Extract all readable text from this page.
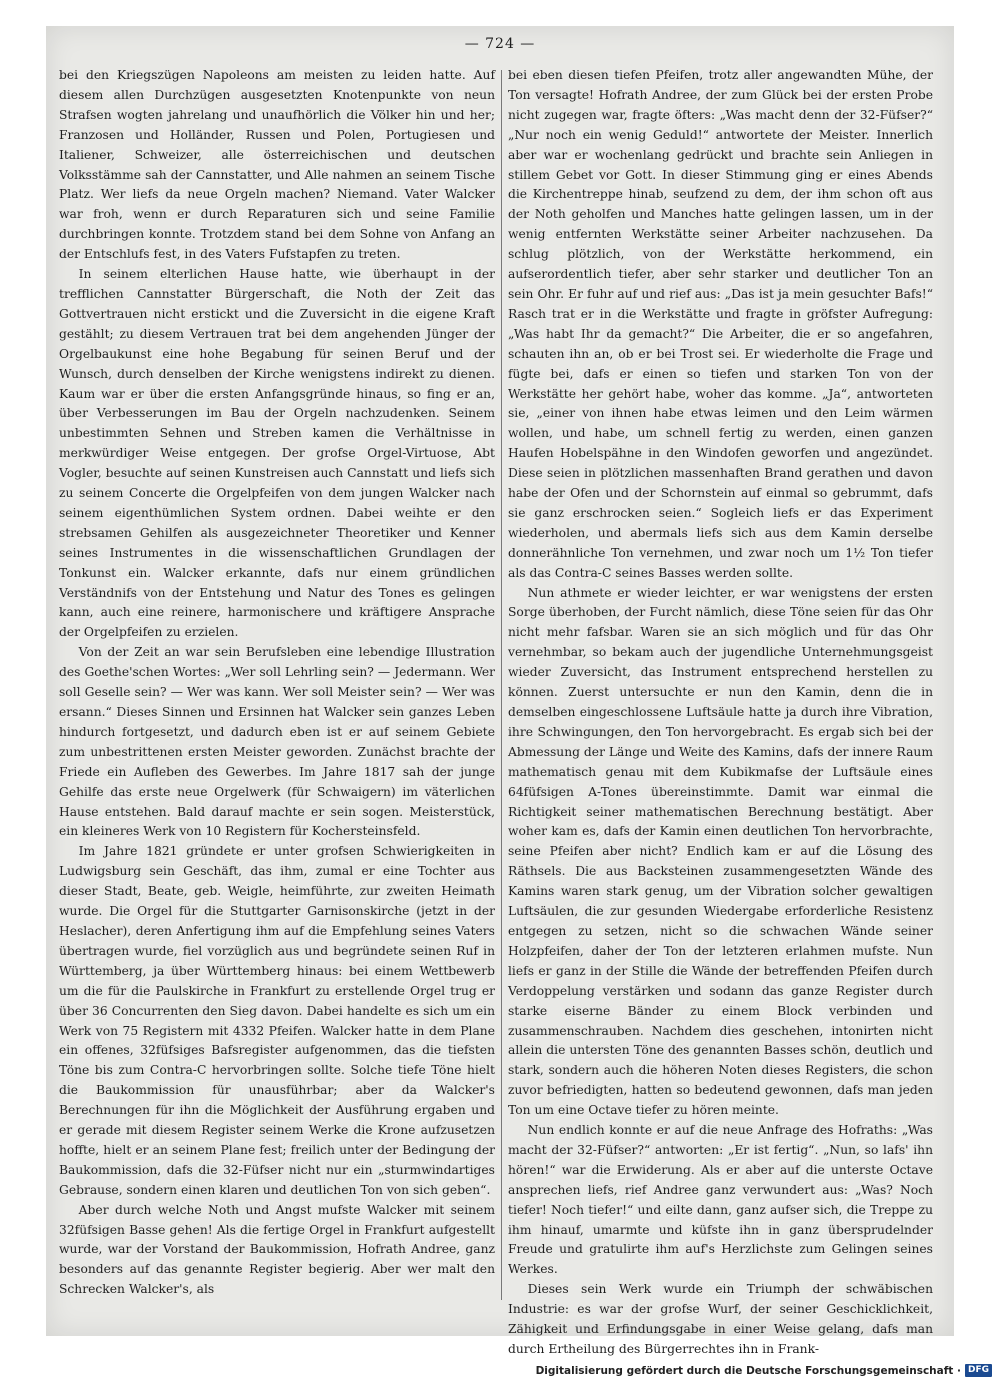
— 724 —

bei den Kriegszügen Napoleons am meisten zu leiden hatte. Auf diesem allen Durchzügen ausgesetzten Knotenpunkte von neun Strafsen wogten jahrelang und unaufhörlich die Völker hin und her; Franzosen und Holländer, Russen und Polen, Portugiesen und Italiener, Schweizer, alle österreichischen und deutschen Volksstämme sah der Cannstatter, und Alle nahmen an seinem Tische Platz. Wer liefs da neue Orgeln machen? Niemand. Vater Walcker war froh, wenn er durch Reparaturen sich und seine Familie durchbringen konnte. Trotzdem stand bei dem Sohne von Anfang an der Entschlufs fest, in des Vaters Fufstapfen zu treten.

In seinem elterlichen Hause hatte, wie überhaupt in der trefflichen Cannstatter Bürgerschaft, die Noth der Zeit das Gottvertrauen nicht erstickt und die Zuversicht in die eigene Kraft gestählt; zu diesem Vertrauen trat bei dem angehenden Jünger der Orgelbaukunst eine hohe Begabung für seinen Beruf und der Wunsch, durch denselben der Kirche wenigstens indirekt zu dienen. Kaum war er über die ersten Anfangsgründe hinaus, so fing er an, über Verbesserungen im Bau der Orgeln nachzudenken. Seinem unbestimmten Sehnen und Streben kamen die Verhältnisse in merkwürdiger Weise entgegen. Der grofse Orgel-Virtuose, Abt Vogler, besuchte auf seinen Kunstreisen auch Cannstatt und liefs sich zu seinem Concerte die Orgelpfeifen von dem jungen Walcker nach seinem eigenthümlichen System ordnen. Dabei weihte er den strebsamen Gehilfen als ausgezeichneter Theoretiker und Kenner seines Instrumentes in die wissenschaftlichen Grundlagen der Tonkunst ein. Walcker erkannte, dafs nur einem gründlichen Verständnifs von der Entstehung und Natur des Tones es gelingen kann, auch eine reinere, harmonischere und kräftigere Ansprache der Orgelpfeifen zu erzielen.

Von der Zeit an war sein Berufsleben eine lebendige Illustration des Goethe'schen Wortes: „Wer soll Lehrling sein? — Jedermann. Wer soll Geselle sein? — Wer was kann. Wer soll Meister sein? — Wer was ersann.“ Dieses Sinnen und Ersinnen hat Walcker sein ganzes Leben hindurch fortgesetzt, und dadurch eben ist er auf seinem Gebiete zum unbestrittenen ersten Meister geworden. Zunächst brachte der Friede ein Aufleben des Gewerbes. Im Jahre 1817 sah der junge Gehilfe das erste neue Orgelwerk (für Schwaigern) im väterlichen Hause entstehen. Bald darauf machte er sein sogen. Meisterstück, ein kleineres Werk von 10 Registern für Kochersteinsfeld.

Im Jahre 1821 gründete er unter grofsen Schwierigkeiten in Ludwigsburg sein Geschäft, das ihm, zumal er eine Tochter aus dieser Stadt, Beate, geb. Weigle, heimführte, zur zweiten Heimath wurde. Die Orgel für die Stuttgarter Garnisonskirche (jetzt in der Heslacher), deren Anfertigung ihm auf die Empfehlung seines Vaters übertragen wurde, fiel vorzüglich aus und begründete seinen Ruf in Württemberg, ja über Württemberg hinaus: bei einem Wettbewerb um die für die Paulskirche in Frankfurt zu erstellende Orgel trug er über 36 Concurrenten den Sieg davon. Dabei handelte es sich um ein Werk von 75 Registern mit 4332 Pfeifen. Walcker hatte in dem Plane ein offenes, 32füfsiges Bafsregister aufgenommen, das die tiefsten Töne bis zum Contra-C hervorbringen sollte. Solche tiefe Töne hielt die Baukommission für unausführbar; aber da Walcker's Berechnungen für ihn die Möglichkeit der Ausführung ergaben und er gerade mit diesem Register seinem Werke die Krone aufzusetzen hoffte, hielt er an seinem Plane fest; freilich unter der Bedingung der Baukommission, dafs die 32-Füfser nicht nur ein „sturmwindartiges Gebrause, sondern einen klaren und deutlichen Ton von sich geben“.

Aber durch welche Noth und Angst mufste Walcker mit seinem 32füfsigen Basse gehen! Als die fertige Orgel in Frankfurt aufgestellt wurde, war der Vorstand der Baukommission, Hofrath Andree, ganz besonders auf das genannte Register begierig. Aber wer malt den Schrecken Walcker's, als

bei eben diesen tiefen Pfeifen, trotz aller angewandten Mühe, der Ton versagte! Hofrath Andree, der zum Glück bei der ersten Probe nicht zugegen war, fragte öfters: „Was macht denn der 32-Füfser?“ „Nur noch ein wenig Geduld!“ antwortete der Meister. Innerlich aber war er wochenlang gedrückt und brachte sein Anliegen in stillem Gebet vor Gott. In dieser Stimmung ging er eines Abends die Kirchentreppe hinab, seufzend zu dem, der ihm schon oft aus der Noth geholfen und Manches hatte gelingen lassen, um in der wenig entfernten Werkstätte seiner Arbeiter nachzusehen. Da schlug plötzlich, von der Werkstätte herkommend, ein aufserordentlich tiefer, aber sehr starker und deutlicher Ton an sein Ohr. Er fuhr auf und rief aus: „Das ist ja mein gesuchter Bafs!“ Rasch trat er in die Werkstätte und fragte in gröfster Aufregung: „Was habt Ihr da gemacht?“ Die Arbeiter, die er so angefahren, schauten ihn an, ob er bei Trost sei. Er wiederholte die Frage und fügte bei, dafs er einen so tiefen und starken Ton von der Werkstätte her gehört habe, woher das komme. „Ja“, antworteten sie, „einer von ihnen habe etwas leimen und den Leim wärmen wollen, und habe, um schnell fertig zu werden, einen ganzen Haufen Hobelspähne in den Windofen geworfen und angezündet. Diese seien in plötzlichen massenhaften Brand gerathen und davon habe der Ofen und der Schornstein auf einmal so gebrummt, dafs sie ganz erschrocken seien.“ Sogleich liefs er das Experiment wiederholen, und abermals liefs sich aus dem Kamin derselbe donnerähnliche Ton vernehmen, und zwar noch um 1½ Ton tiefer als das Contra-C seines Basses werden sollte.

Nun athmete er wieder leichter, er war wenigstens der ersten Sorge überhoben, der Furcht nämlich, diese Töne seien für das Ohr nicht mehr fafsbar. Waren sie an sich möglich und für das Ohr vernehmbar, so bekam auch der jugendliche Unternehmungsgeist wieder Zuversicht, das Instrument entsprechend herstellen zu können. Zuerst untersuchte er nun den Kamin, denn die in demselben eingeschlossene Luftsäule hatte ja durch ihre Vibration, ihre Schwingungen, den Ton hervorgebracht. Es ergab sich bei der Abmessung der Länge und Weite des Kamins, dafs der innere Raum mathematisch genau mit dem Kubikmafse der Luftsäule eines 64füfsigen A-Tones übereinstimmte. Damit war einmal die Richtigkeit seiner mathematischen Berechnung bestätigt. Aber woher kam es, dafs der Kamin einen deutlichen Ton hervorbrachte, seine Pfeifen aber nicht? Endlich kam er auf die Lösung des Räthsels. Die aus Backsteinen zusammengesetzten Wände des Kamins waren stark genug, um der Vibration solcher gewaltigen Luftsäulen, die zur gesunden Wiedergabe erforderliche Resistenz entgegen zu setzen, nicht so die schwachen Wände seiner Holzpfeifen, daher der Ton der letzteren erlahmen mufste. Nun liefs er ganz in der Stille die Wände der betreffenden Pfeifen durch Verdoppelung verstärken und sodann das ganze Register durch starke eiserne Bänder zu einem Block verbinden und zusammenschrauben. Nachdem dies geschehen, intonirten nicht allein die untersten Töne des genannten Basses schön, deutlich und stark, sondern auch die höheren Noten dieses Registers, die schon zuvor befriedigten, hatten so bedeutend gewonnen, dafs man jeden Ton um eine Octave tiefer zu hören meinte.

Nun endlich konnte er auf die neue Anfrage des Hofraths: „Was macht der 32-Füfser?“ antworten: „Er ist fertig“. „Nun, so lafs' ihn hören!“ war die Erwiderung. Als er aber auf die unterste Octave ansprechen liefs, rief Andree ganz verwundert aus: „Was? Noch tiefer! Noch tiefer!“ und eilte dann, ganz aufser sich, die Treppe zu ihm hinauf, umarmte und küfste ihn in ganz übersprudelnder Freude und gratulirte ihm auf's Herzlichste zum Gelingen seines Werkes.

Dieses sein Werk wurde ein Triumph der schwäbischen Industrie: es war der grofse Wurf, der seiner Geschicklichkeit, Zähigkeit und Erfindungsgabe in einer Weise gelang, dafs man durch Ertheilung des Bürgerrechtes ihn in Frank-

Digitalisierung gefördert durch die Deutsche Forschungsgemeinschaft · DFG
